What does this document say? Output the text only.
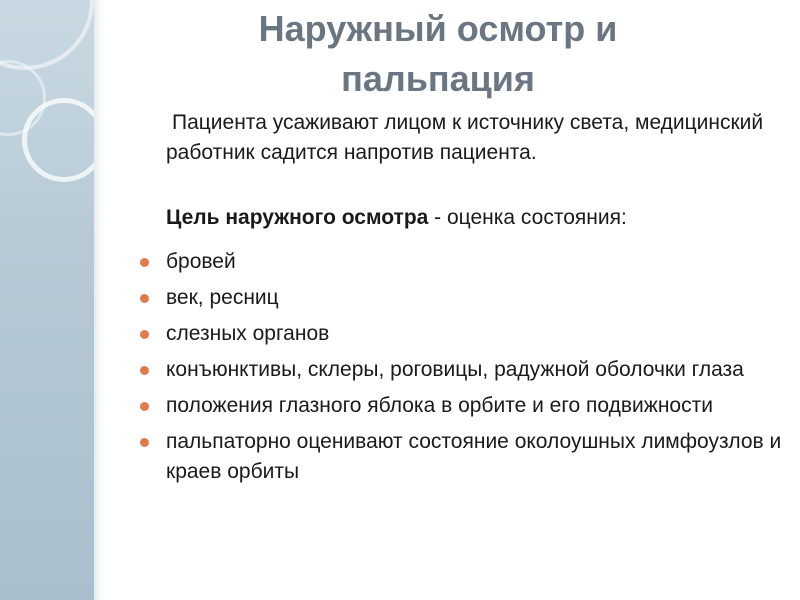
Наружный осмотр и
пальпация

Пациента усаживают лицом к источнику света, медицинский работник садится напротив пациента.

Цель наружного осмотра - оценка состояния:

бровей
век, ресниц
слезных органов
конъюнктивы, склеры, роговицы, радужной оболочки глаза
положения глазного яблока в орбите и его подвижности
пальпаторно оценивают состояние околоушных лимфоузлов и краев орбиты
